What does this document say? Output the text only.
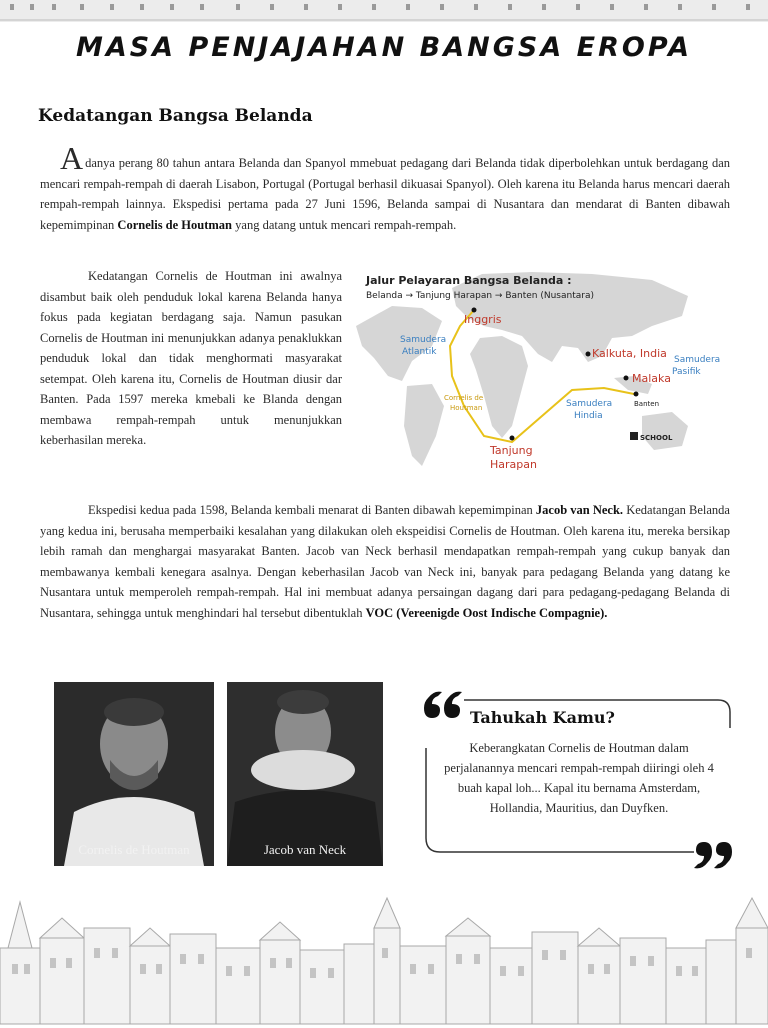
MASA PENJAJAHAN BANGSA EROPA
Kedatangan Bangsa Belanda
Adanya perang 80 tahun antara Belanda dan Spanyol mmebuat pedagang dari Belanda tidak diperbolehkan untuk berdagang dan mencari rempah-rempah di daerah Lisabon, Portugal (Portugal berhasil dikuasai Spanyol). Oleh karena itu Belanda harus mencari daerah rempah-rempah lainnya. Ekspedisi pertama pada 27 Juni 1596, Belanda sampai di Nusantara dan mendarat di Banten dibawah kepemimpinan Cornelis de Houtman yang datang untuk mencari rempah-rempah.
Kedatangan Cornelis de Houtman ini awalnya disambut baik oleh penduduk lokal karena Belanda hanya fokus pada kegiatan berdagang saja. Namun pasukan Cornelis de Houtman ini menunjukkan adanya penaklukkan penduduk lokal dan tidak menghormati masyarakat setempat. Oleh karena itu, Cornelis de Houtman diusir dar Banten. Pada 1597 mereka kmebali ke Blanda dengan membawa rempah-rempah untuk menunjukkan keberhasilan mereka.
Jalur Pelayaran Bangsa Belanda :
Belanda → Tanjung Harapan → Banten (Nusantara)
Inggris
Samudera
Atlantik	Kalkuta, India Samudera
Pasifik
Malaka
Banten
Cornelis de
Houtman	Samudera
Hindia
Tanjung
Harapan
SCHOOL
Ekspedisi kedua pada 1598, Belanda kembali menarat di Banten dibawah kepemimpinan Jacob van Neck. Kedatangan Belanda yang kedua ini, berusaha memperbaiki kesalahan yang dilakukan oleh ekspeidisi Cornelis de Houtman. Oleh karena itu, mereka bersikap lebih ramah dan menghargai masyarakat Banten. Jacob van Neck berhasil mendapatkan rempah-rempah yang cukup banyak dan membawanya kembali kenegara asalnya. Dengan keberhasilan Jacob van Neck ini, banyak para pedagang Belanda yang datang ke Nusantara untuk memperoleh rempah-rempah. Hal ini membuat adanya persaingan dagang dari para pedagang-pedagang Belanda di Nusantara, sehingga untuk menghindari hal tersebut dibentuklah VOC (Vereenigde Oost Indische Compagnie).
Cornelis de Houtman	Jacob van Neck
Tahukah Kamu?
Keberangkatan Cornelis de Houtman dalam perjalanannya mencari rempah-rempah diiringi oleh 4 buah kapal loh... Kapal itu bernama Amsterdam, Hollandia, Mauritius, dan Duyfken.
